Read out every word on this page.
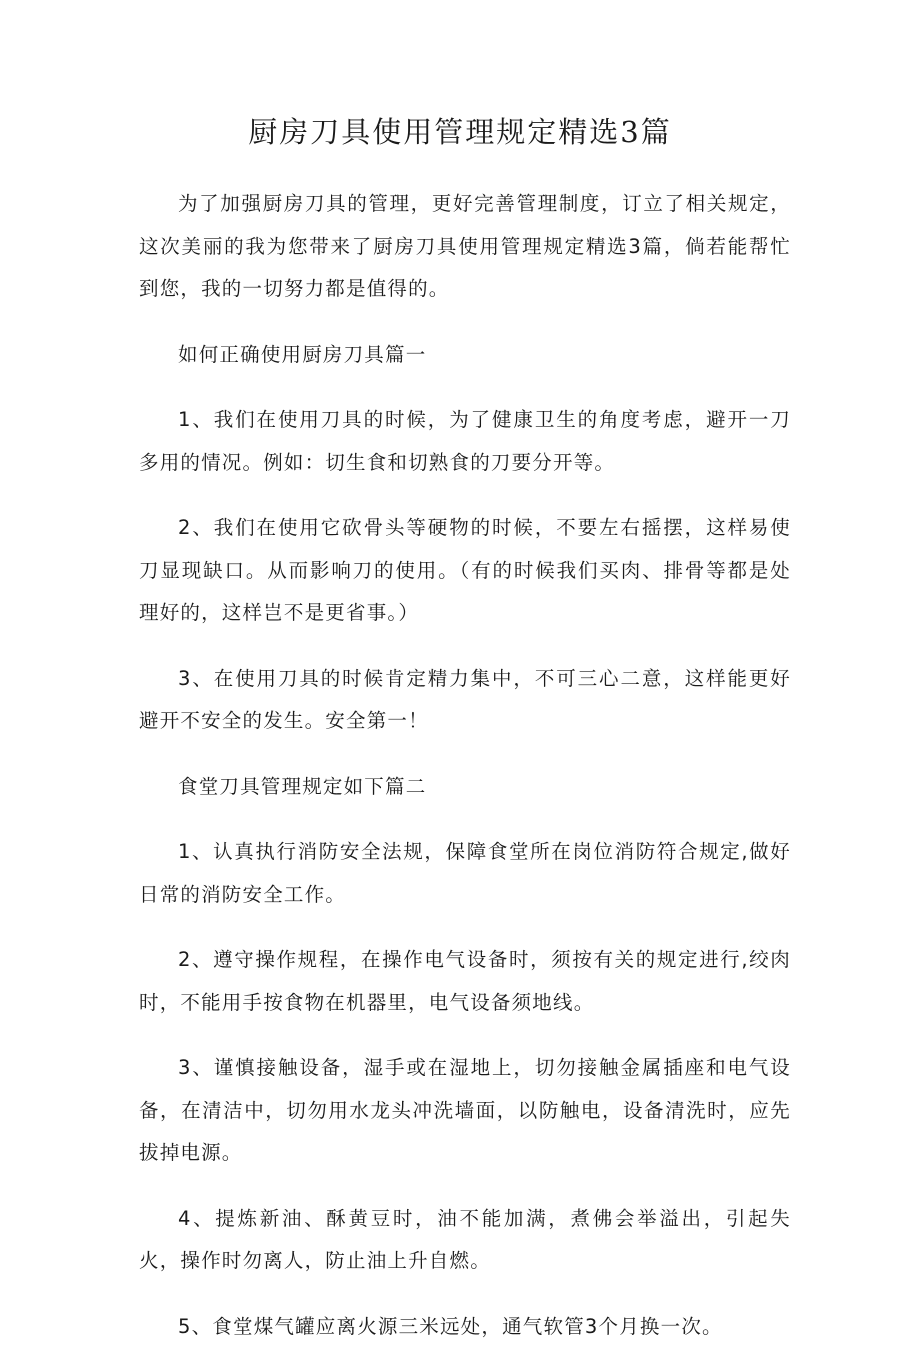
厨房刀具使用管理规定精选3篇

为了加强厨房刀具的管理，更好完善管理制度，订立了相关规定，这次美丽的我为您带来了厨房刀具使用管理规定精选3篇，倘若能帮忙到您，我的一切努力都是值得的。

如何正确使用厨房刀具篇一

1、我们在使用刀具的时候，为了健康卫生的角度考虑，避开一刀多用的情况。例如：切生食和切熟食的刀要分开等。

2、我们在使用它砍骨头等硬物的时候，不要左右摇摆，这样易使刀显现缺口。从而影响刀的使用。（有的时候我们买肉、排骨等都是处理好的，这样岂不是更省事。）

3、在使用刀具的时候肯定精力集中，不可三心二意，这样能更好避开不安全的发生。安全第一！

食堂刀具管理规定如下篇二

1、认真执行消防安全法规，保障食堂所在岗位消防符合规定,做好日常的消防安全工作。

2、遵守操作规程，在操作电气设备时，须按有关的规定进行,绞肉时，不能用手按食物在机器里，电气设备须地线。

3、谨慎接触设备，湿手或在湿地上，切勿接触金属插座和电气设备，在清洁中，切勿用水龙头冲洗墙面，以防触电，设备清洗时，应先拔掉电源。

4、提炼新油、酥黄豆时，油不能加满，煮佛会举溢出，引起失火，操作时勿离人，防止油上升自燃。

5、食堂煤气罐应离火源三米远处，通气软管3个月换一次。
